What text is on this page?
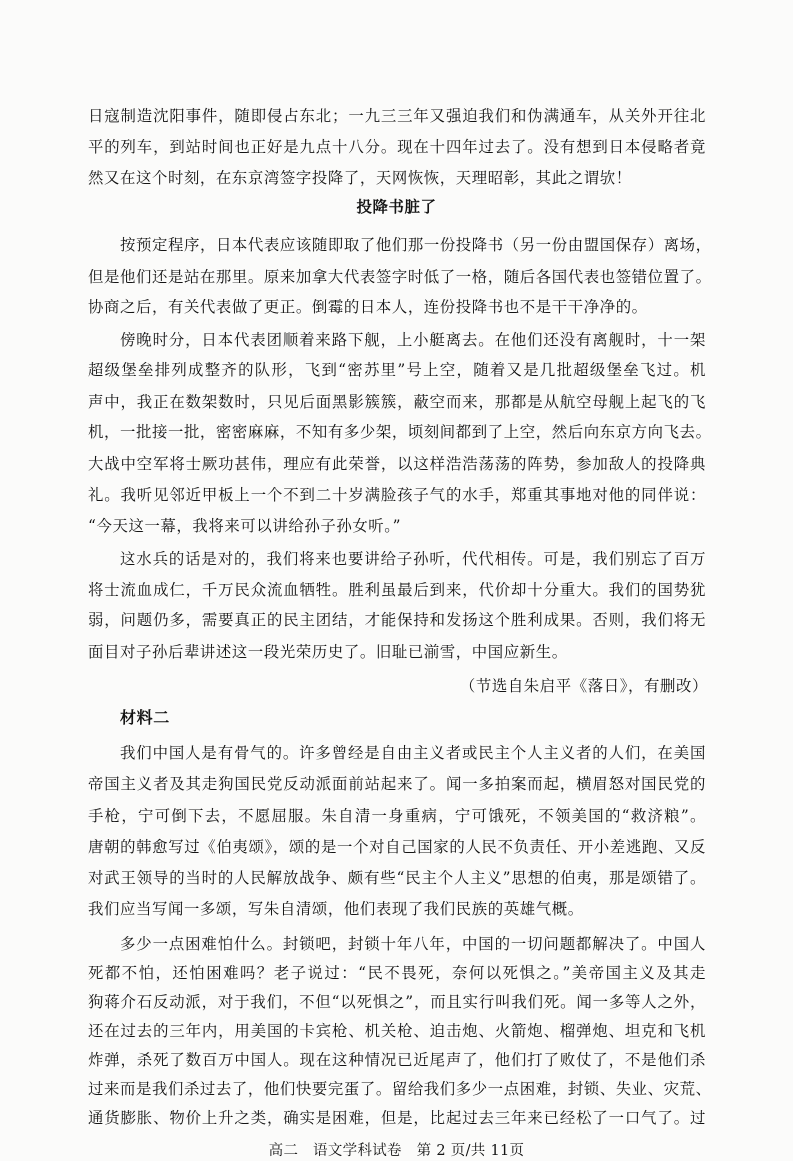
日寇制造沈阳事件，随即侵占东北；一九三三年又强迫我们和伪满通车，从关外开往北
平的列车，到站时间也正好是九点十八分。现在十四年过去了。没有想到日本侵略者竟
然又在这个时刻，在东京湾签字投降了，天网恢恢，天理昭彰，其此之谓欤！
投降书脏了
按预定程序，日本代表应该随即取了他们那一份投降书（另一份由盟国保存）离场，
但是他们还是站在那里。原来加拿大代表签字时低了一格，随后各国代表也签错位置了。
协商之后，有关代表做了更正。倒霉的日本人，连份投降书也不是干干净净的。
傍晚时分，日本代表团顺着来路下舰，上小艇离去。在他们还没有离舰时，十一架
超级堡垒排列成整齐的队形，飞到“密苏里”号上空，随着又是几批超级堡垒飞过。机
声中，我正在数架数时，只见后面黑影簇簇，蔽空而来，那都是从航空母舰上起飞的飞
机，一批接一批，密密麻麻，不知有多少架，顷刻间都到了上空，然后向东京方向飞去。
大战中空军将士厥功甚伟，理应有此荣誉，以这样浩浩荡荡的阵势，参加敌人的投降典
礼。我听见邻近甲板上一个不到二十岁满脸孩子气的水手，郑重其事地对他的同伴说：
“今天这一幕，我将来可以讲给孙子孙女听。”
这水兵的话是对的，我们将来也要讲给子孙听，代代相传。可是，我们别忘了百万
将士流血成仁，千万民众流血牺牲。胜利虽最后到来，代价却十分重大。我们的国势犹
弱，问题仍多，需要真正的民主团结，才能保持和发扬这个胜利成果。否则，我们将无
面目对子孙后辈讲述这一段光荣历史了。旧耻已湔雪，中国应新生。
（节选自朱启平《落日》，有删改）
材料二
我们中国人是有骨气的。许多曾经是自由主义者或民主个人主义者的人们，在美国
帝国主义者及其走狗国民党反动派面前站起来了。闻一多拍案而起，横眉怒对国民党的
手枪，宁可倒下去，不愿屈服。朱自清一身重病，宁可饿死，不领美国的“救济粮”。
唐朝的韩愈写过《伯夷颂》，颂的是一个对自己国家的人民不负责任、开小差逃跑、又反
对武王领导的当时的人民解放战争、颇有些“民主个人主义”思想的伯夷，那是颂错了。
我们应当写闻一多颂，写朱自清颂，他们表现了我们民族的英雄气概。
多少一点困难怕什么。封锁吧，封锁十年八年，中国的一切问题都解决了。中国人
死都不怕，还怕困难吗？老子说过：“民不畏死，奈何以死惧之。”美帝国主义及其走
狗蒋介石反动派，对于我们，不但“以死惧之”，而且实行叫我们死。闻一多等人之外，
还在过去的三年内，用美国的卡宾枪、机关枪、迫击炮、火箭炮、榴弹炮、坦克和飞机
炸弹，杀死了数百万中国人。现在这种情况已近尾声了，他们打了败仗了，不是他们杀
过来而是我们杀过去了，他们快要完蛋了。留给我们多少一点困难，封锁、失业、灾荒、
通货膨胀、物价上升之类，确实是困难，但是，比起过去三年来已经松了一口气了。过
高二　语文学科试卷　第 2 页/共 11页
